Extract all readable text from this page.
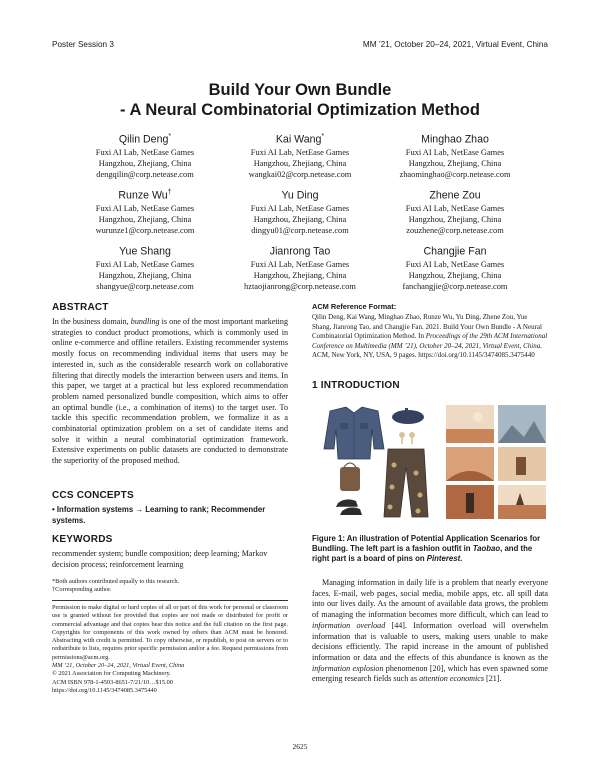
Poster Session 3	MM ’21, October 20–24, 2021, Virtual Event, China
Build Your Own Bundle
- A Neural Combinatorial Optimization Method
Qilin Deng*
Fuxi AI Lab, NetEase Games
Hangzhou, Zhejiang, China
dengqilin@corp.netease.com
Kai Wang*
Fuxi AI Lab, NetEase Games
Hangzhou, Zhejiang, China
wangkai02@corp.netease.com
Minghao Zhao
Fuxi AI Lab, NetEase Games
Hangzhou, Zhejiang, China
zhaominghao@corp.netease.com
Runze Wu†
Fuxi AI Lab, NetEase Games
Hangzhou, Zhejiang, China
wurunze1@corp.netease.com
Yu Ding
Fuxi AI Lab, NetEase Games
Hangzhou, Zhejiang, China
dingyu01@corp.netease.com
Zhene Zou
Fuxi AI Lab, NetEase Games
Hangzhou, Zhejiang, China
zouzhene@corp.netease.com
Yue Shang
Fuxi AI Lab, NetEase Games
Hangzhou, Zhejiang, China
shangyue@corp.netease.com
Jianrong Tao
Fuxi AI Lab, NetEase Games
Hangzhou, Zhejiang, China
hztaojianrong@corp.netease.com
Changjie Fan
Fuxi AI Lab, NetEase Games
Hangzhou, Zhejiang, China
fanchangjie@corp.netease.com
ABSTRACT
In the business domain, bundling is one of the most important marketing strategies to conduct product promotions, which is commonly used in online e-commerce and offline retailers. Existing recommender systems mostly focus on recommending individual items that users may be interested in, such as the considerable research work on collaborative filtering that directly models the interaction between users and items. In this paper, we target at a practical but less explored recommendation problem named personalized bundle composition, which aims to offer an optimal bundle (i.e., a combination of items) to the target user. To tackle this specific recommendation problem, we formalize it as a combinatorial optimization problem on a set of candidate items and solve it within a neural combinatorial optimization framework. Extensive experiments on public datasets are conducted to demonstrate the superiority of the proposed method.
CCS CONCEPTS
• Information systems → Learning to rank; Recommender systems.
KEYWORDS
recommender system; bundle composition; deep learning; Markov decision process; reinforcement learning
*Both authors contributed equally to this research.
†Corresponding author.
Permission to make digital or hard copies of all or part of this work for personal or classroom use is granted without fee provided that copies are not made or distributed for profit or commercial advantage and that copies bear this notice and the full citation on the first page. Copyrights for components of this work owned by others than ACM must be honored. Abstracting with credit is permitted. To copy otherwise, or republish, to post on servers or to redistribute to lists, requires prior specific permission and/or a fee. Request permissions from permissions@acm.org.
MM ’21, October 20–24, 2021, Virtual Event, China
© 2021 Association for Computing Machinery.
ACM ISBN 978-1-4503-8651-7/21/10…$15.00
https://doi.org/10.1145/3474085.3475440
ACM Reference Format:
Qilin Deng, Kai Wang, Minghao Zhao, Runze Wu, Yu Ding, Zhene Zou, Yue Shang, Jianrong Tao, and Changjie Fan. 2021. Build Your Own Bundle - A Neural Combinatorial Optimization Method. In Proceedings of the 29th ACM International Conference on Multimedia (MM ’21), October 20–24, 2021, Virtual Event, China. ACM, New York, NY, USA, 9 pages. https://doi.org/10.1145/3474085.3475440
1 INTRODUCTION
Figure 1: An illustration of Potential Application Scenarios for Bundling. The left part is a fashion outfit in Taobao, and the right part is a board of pins on Pinterest.
Managing information in daily life is a problem that nearly everyone faces. E-mail, web pages, social media, mobile apps, etc. all spill data into our lives daily. As the amount of available data grows, the problem of managing the information becomes more difficult, which can lead to information overload [44]. Information overload will overwhelm information that is valuable to users, making users unable to make decisions efficiently. The rapid increase in the amount of published information or data and the effects of this abundance is known as the information explosion phenomenon [20], which has even spawned some emerging research fields such as attention economics [21].
2625
